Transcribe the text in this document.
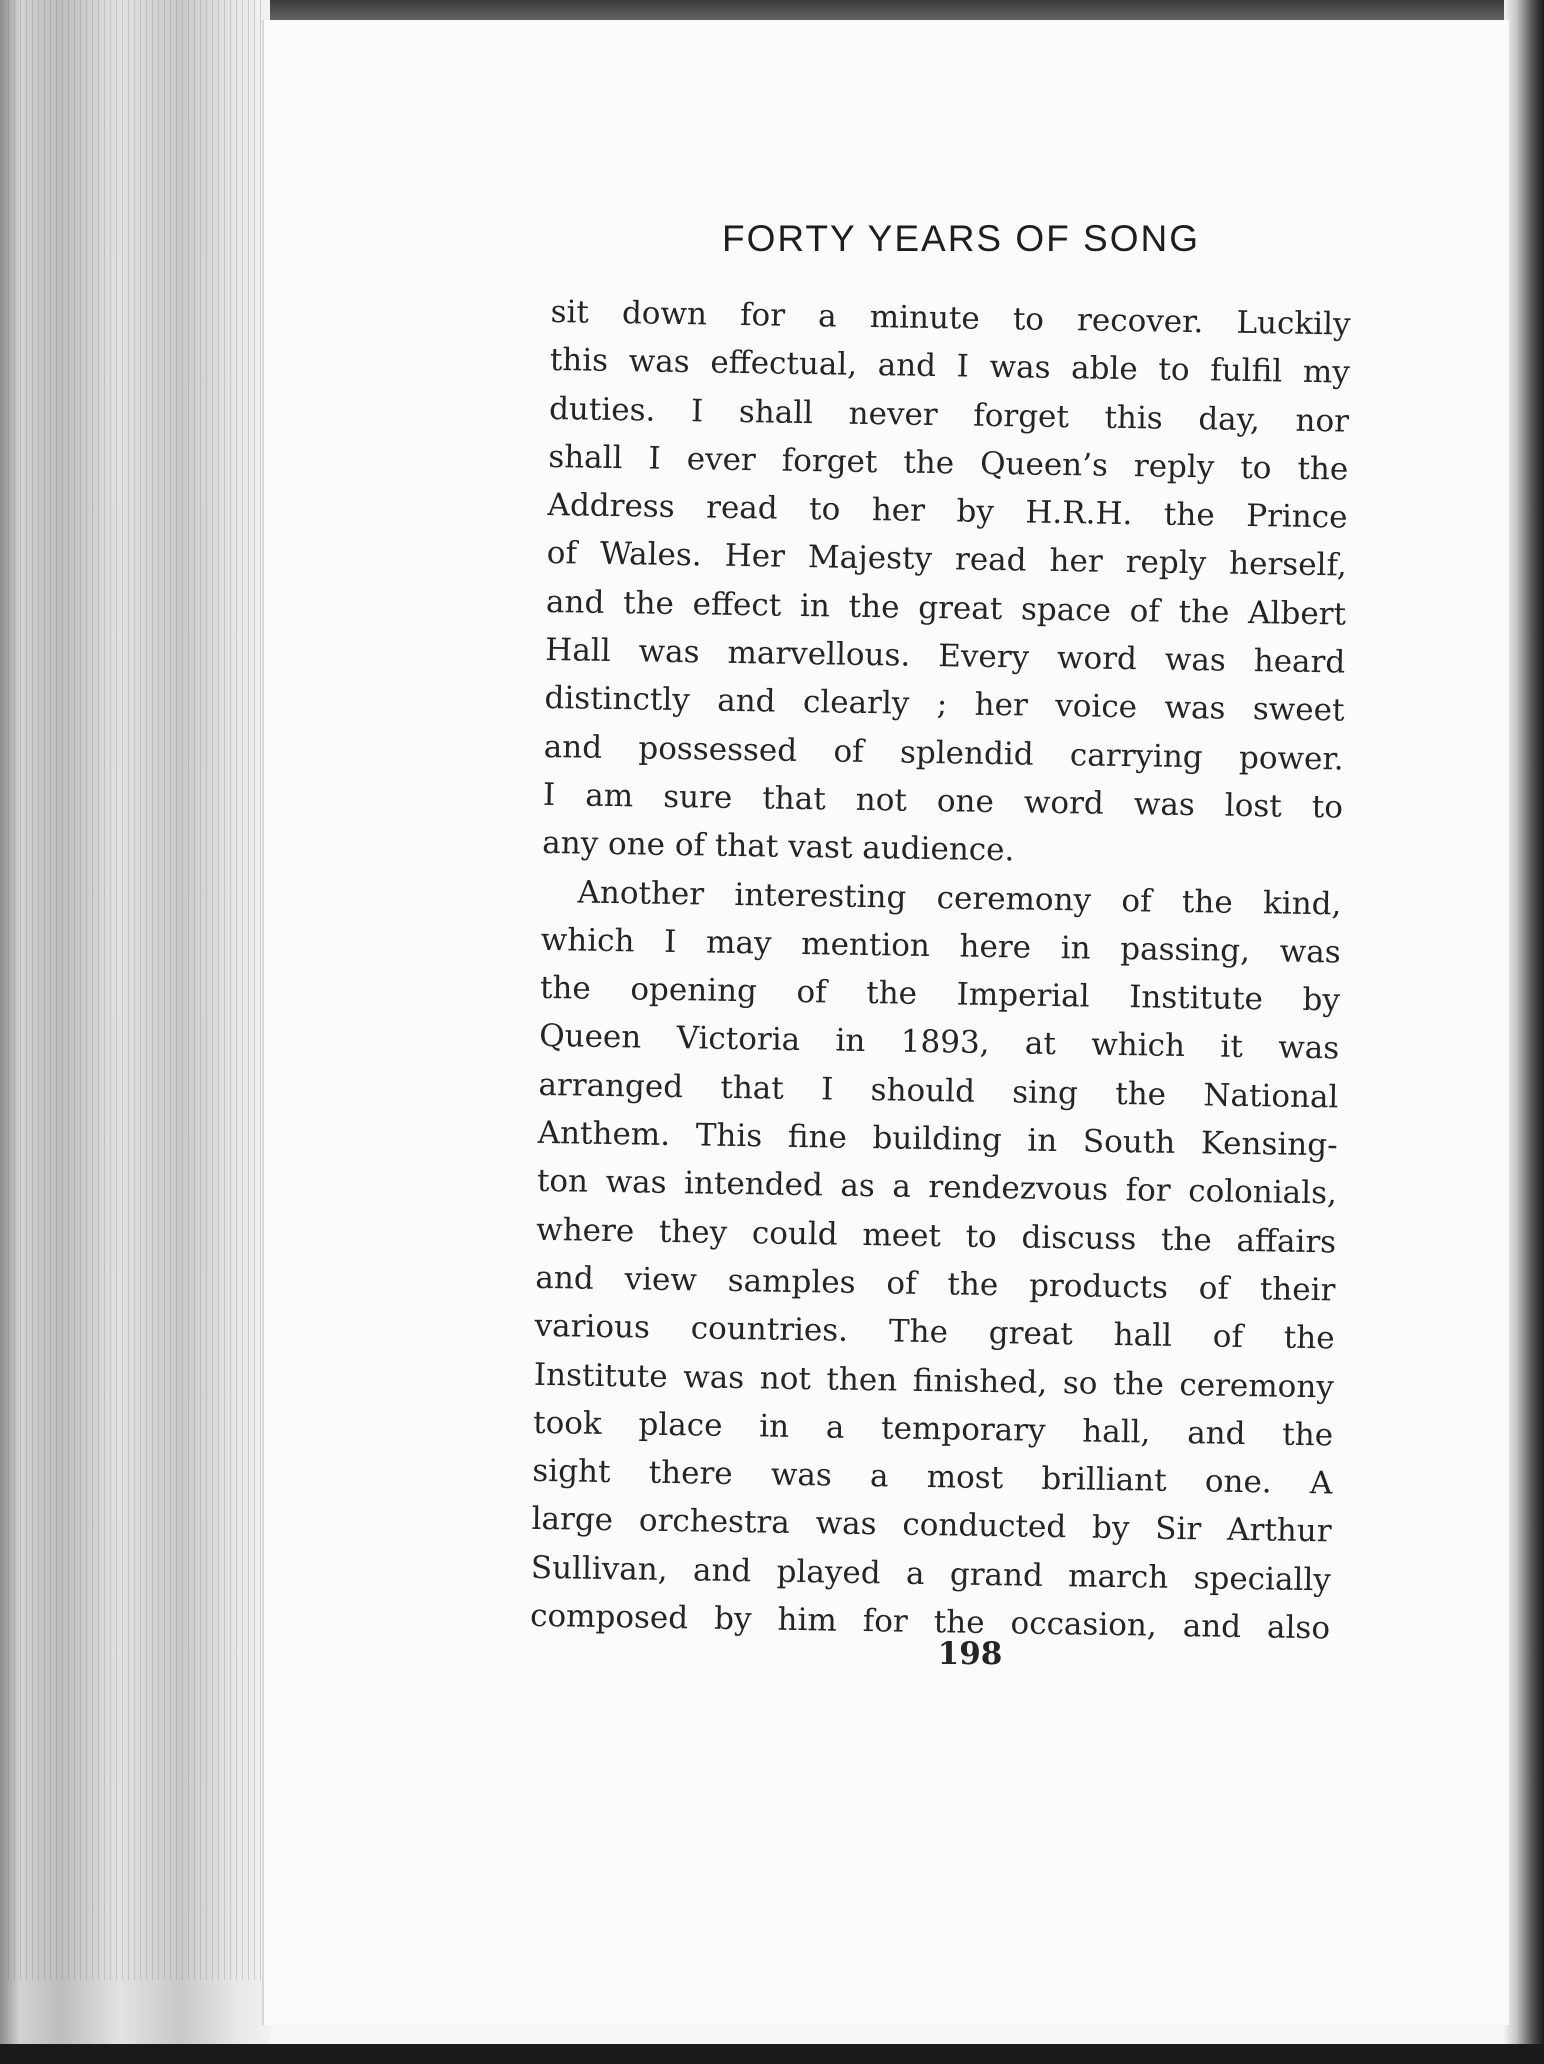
FORTY YEARS OF SONG
sit down for a minute to recover. Luckily
this was effectual, and I was able to fulfil my
duties. I shall never forget this day, nor
shall I ever forget the Queen’s reply to the
Address read to her by H.R.H. the Prince
of Wales. Her Majesty read her reply herself,
and the effect in the great space of the Albert
Hall was marvellous. Every word was heard
distinctly and clearly ; her voice was sweet
and possessed of splendid carrying power.
I am sure that not one word was lost to
any one of that vast audience.
Another interesting ceremony of the kind,
which I may mention here in passing, was
the opening of the Imperial Institute by
Queen Victoria in 1893, at which it was
arranged that I should sing the National
Anthem. This fine building in South Kensing-
ton was intended as a rendezvous for colonials,
where they could meet to discuss the affairs
and view samples of the products of their
various countries. The great hall of the
Institute was not then finished, so the ceremony
took place in a temporary hall, and the
sight there was a most brilliant one. A
large orchestra was conducted by Sir Arthur
Sullivan, and played a grand march specially
composed by him for the occasion, and also
198
